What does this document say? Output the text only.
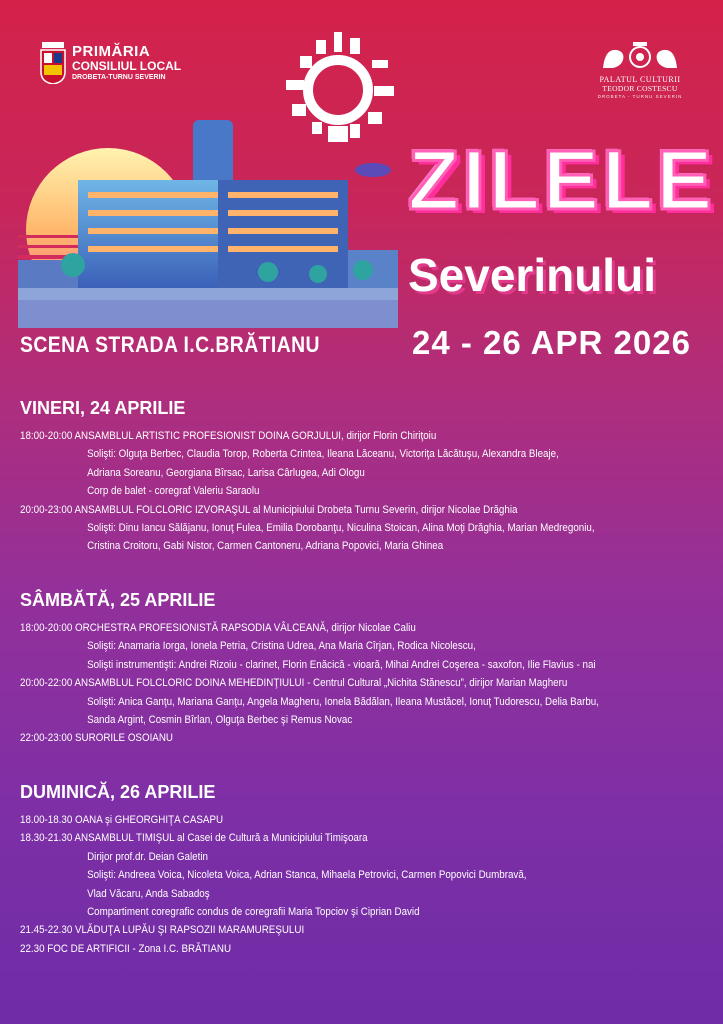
PRIMĂRIA
CONSILIUL LOCAL
DROBETA-TURNU SEVERIN	PALATUL CULTURII
TEODOR COSTESCU
DROBETA - TURNU SEVERIN
ZILELE
Severinului
24 - 26 APR 2026
SCENA STRADA I.C.BRĂTIANU
VINERI, 24 APRILIE
18:00-20:00 ANSAMBLUL ARTISTIC PROFESIONIST DOINA GORJULUI, dirijor Florin Chiriţoiu
Solişti: Olguţa Berbec, Claudia Torop, Roberta Crintea, Ileana Lăceanu, Victoriţa Lăcătuşu, Alexandra Bleaje,
Adriana Soreanu, Georgiana Bîrsac, Larisa Cârlugea, Adi Ologu
Corp de balet - coregraf Valeriu Saraolu
20:00-23:00 ANSAMBLUL FOLCLORIC IZVORAŞUL al Municipiului Drobeta Turnu Severin, dirijor Nicolae Drăghia
Solişti: Dinu Iancu Sălăjanu, Ionuţ Fulea, Emilia Dorobanţu, Niculina Stoican, Alina Moţi Drăghia, Marian Medregoniu,
Cristina Croitoru, Gabi Nistor, Carmen Cantoneru, Adriana Popovici, Maria Ghinea
SÂMBĂTĂ, 25 APRILIE
18:00-20:00 ORCHESTRA PROFESIONISTĂ RAPSODIA VÂLCEANĂ, dirijor Nicolae Caliu
Solişti: Anamaria Iorga, Ionela Petria, Cristina Udrea, Ana Maria Cîrjan, Rodica Nicolescu,
Solişti instrumentişti: Andrei Rizoiu - clarinet, Florin Enăcică - vioară, Mihai Andrei Coşerea - saxofon, Ilie Flavius - nai
20:00-22:00 ANSAMBLUL FOLCLORIC DOINA MEHEDINŢIULUI - Centrul Cultural „Nichita Stănescu”, dirijor Marian Magheru
Solişti: Anica Ganţu, Mariana Ganţu, Angela Magheru, Ionela Bădălan, Ileana Mustăcel, Ionuţ Tudorescu, Delia Barbu,
Sanda Argint, Cosmin Bîrlan, Olguţa Berbec şi Remus Novac
22:00-23:00 SURORILE OSOIANU
DUMINICĂ, 26 APRILIE
18.00-18.30 OANA şi GHEORGHIŢA CASAPU
18.30-21.30 ANSAMBLUL TIMIŞUL al Casei de Cultură a Municipiului Timişoara
Dirijor prof.dr. Deian Galetin
Solişti: Andreea Voica, Nicoleta Voica, Adrian Stanca, Mihaela Petrovici, Carmen Popovici Dumbravă,
Vlad Văcaru, Anda Sabadoş
Compartiment coregrafic condus de coregrafii Maria Topciov şi Ciprian David
21.45-22.30 VLĂDUŢA LUPĂU ŞI RAPSOZII MARAMUREŞULUI
22.30 FOC DE ARTIFICII - Zona I.C. BRĂTIANU
